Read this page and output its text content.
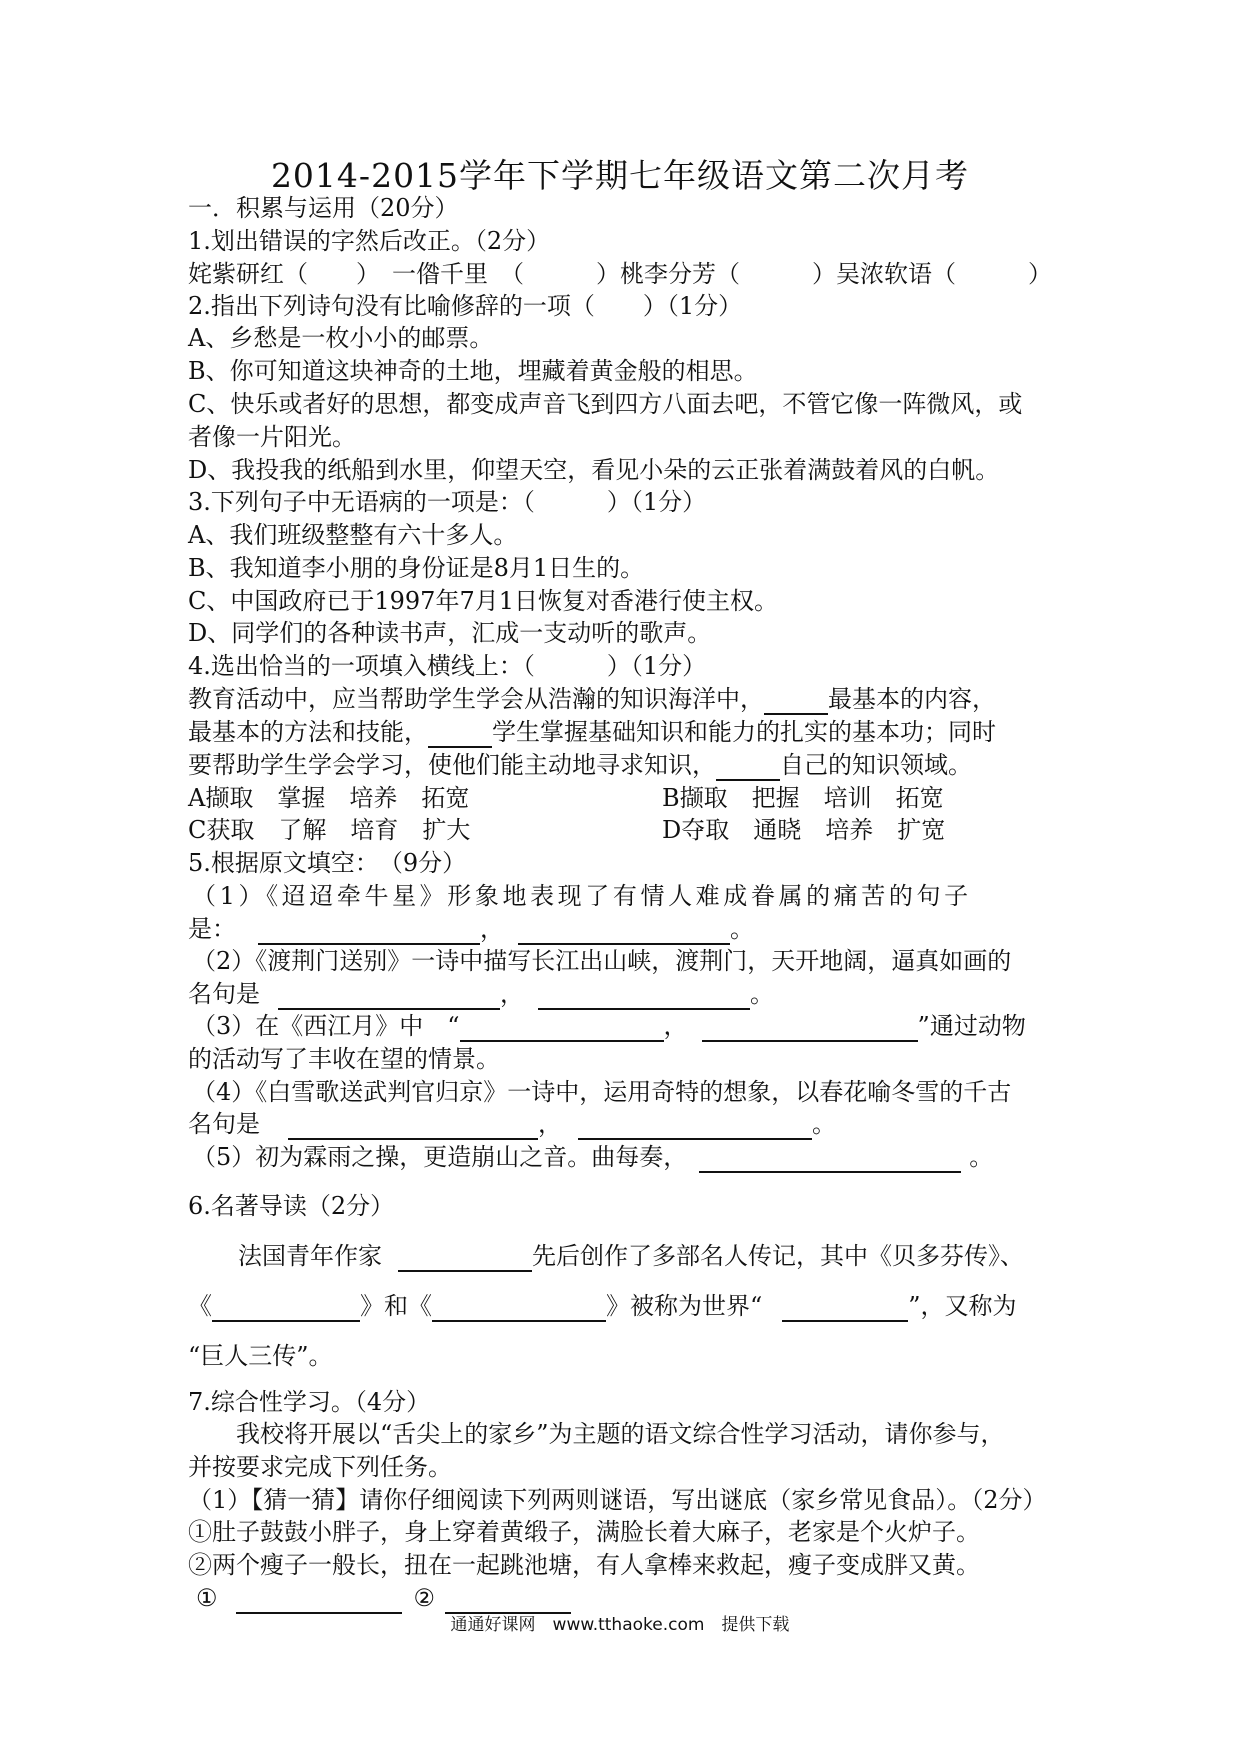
2014-2015学年下学期七年级语文第二次月考
一．积累与运用（20分）
1.划出错误的字然后改正。（2分）
姹紫研红（　　）　一偺千里　（　　　）桃李分芳（　　　）吴浓软语（　　　）
2.指出下列诗句没有比喻修辞的一项（　　）（1分）
A、乡愁是一枚小小的邮票。
B、你可知道这块神奇的土地，埋藏着黄金般的相思。
C、快乐或者好的思想，都变成声音飞到四方八面去吧，不管它像一阵微风，或
者像一片阳光。
D、我投我的纸船到水里，仰望天空，看见小朵的云正张着满鼓着风的白帆。
3.下列句子中无语病的一项是：（　　　）（1分）
A、我们班级整整有六十多人。
B、我知道李小朋的身份证是8月1日生的。
C、中国政府已于1997年7月1日恢复对香港行使主权。
D、同学们的各种读书声，汇成一支动听的歌声。
4.选出恰当的一项填入横线上：（　　　）（1分）
教育活动中，应当帮助学生学会从浩瀚的知识海洋中，	最基本的内容，
最基本的方法和技能，	学生掌握基础知识和能力的扎实的基本功；同时
要帮助学生学会学习，使他们能主动地寻求知识，	自己的知识领域。
A撷取　掌握　培养　拓宽	B撷取　把握　培训　拓宽
C获取　了解　培育　扩大	D夺取　通晓　培养　扩宽
5.根据原文填空：　（9分）
（1）《迢迢牵牛星》形象地表现了有情人难成眷属的痛苦的句子
是：	，	。
（2）《渡荆门送别》一诗中描写长江出山峡，渡荆门，天开地阔，逼真如画的
名句是	，	。
（3）在《西江月》中　“	，	”通过动物
的活动写了丰收在望的情景。
（4）《白雪歌送武判官归京》一诗中，运用奇特的想象，以春花喻冬雪的千古
名句是	，	。
（5）初为霖雨之操，更造崩山之音。曲每奏，	。
6.名著导读（2分）
法国青年作家	先后创作了多部名人传记，其中《贝多芬传》、
《	》和《	》被称为世界“	”，又称为
“巨人三传”。
7.综合性学习。（4分）
我校将开展以“舌尖上的家乡”为主题的语文综合性学习活动，请你参与，
并按要求完成下列任务。
（1）【猜一猜】请你仔细阅读下列两则谜语，写出谜底（家乡常见食品）。（2分）
①肚子鼓鼓小胖子，身上穿着黄缎子，满脸长着大麻子，老家是个火炉子。
②两个瘦子一般长，扭在一起跳池塘，有人拿棒来救起，瘦子变成胖又黄。
①	②
通通好课网　www.tthaoke.com　提供下载
